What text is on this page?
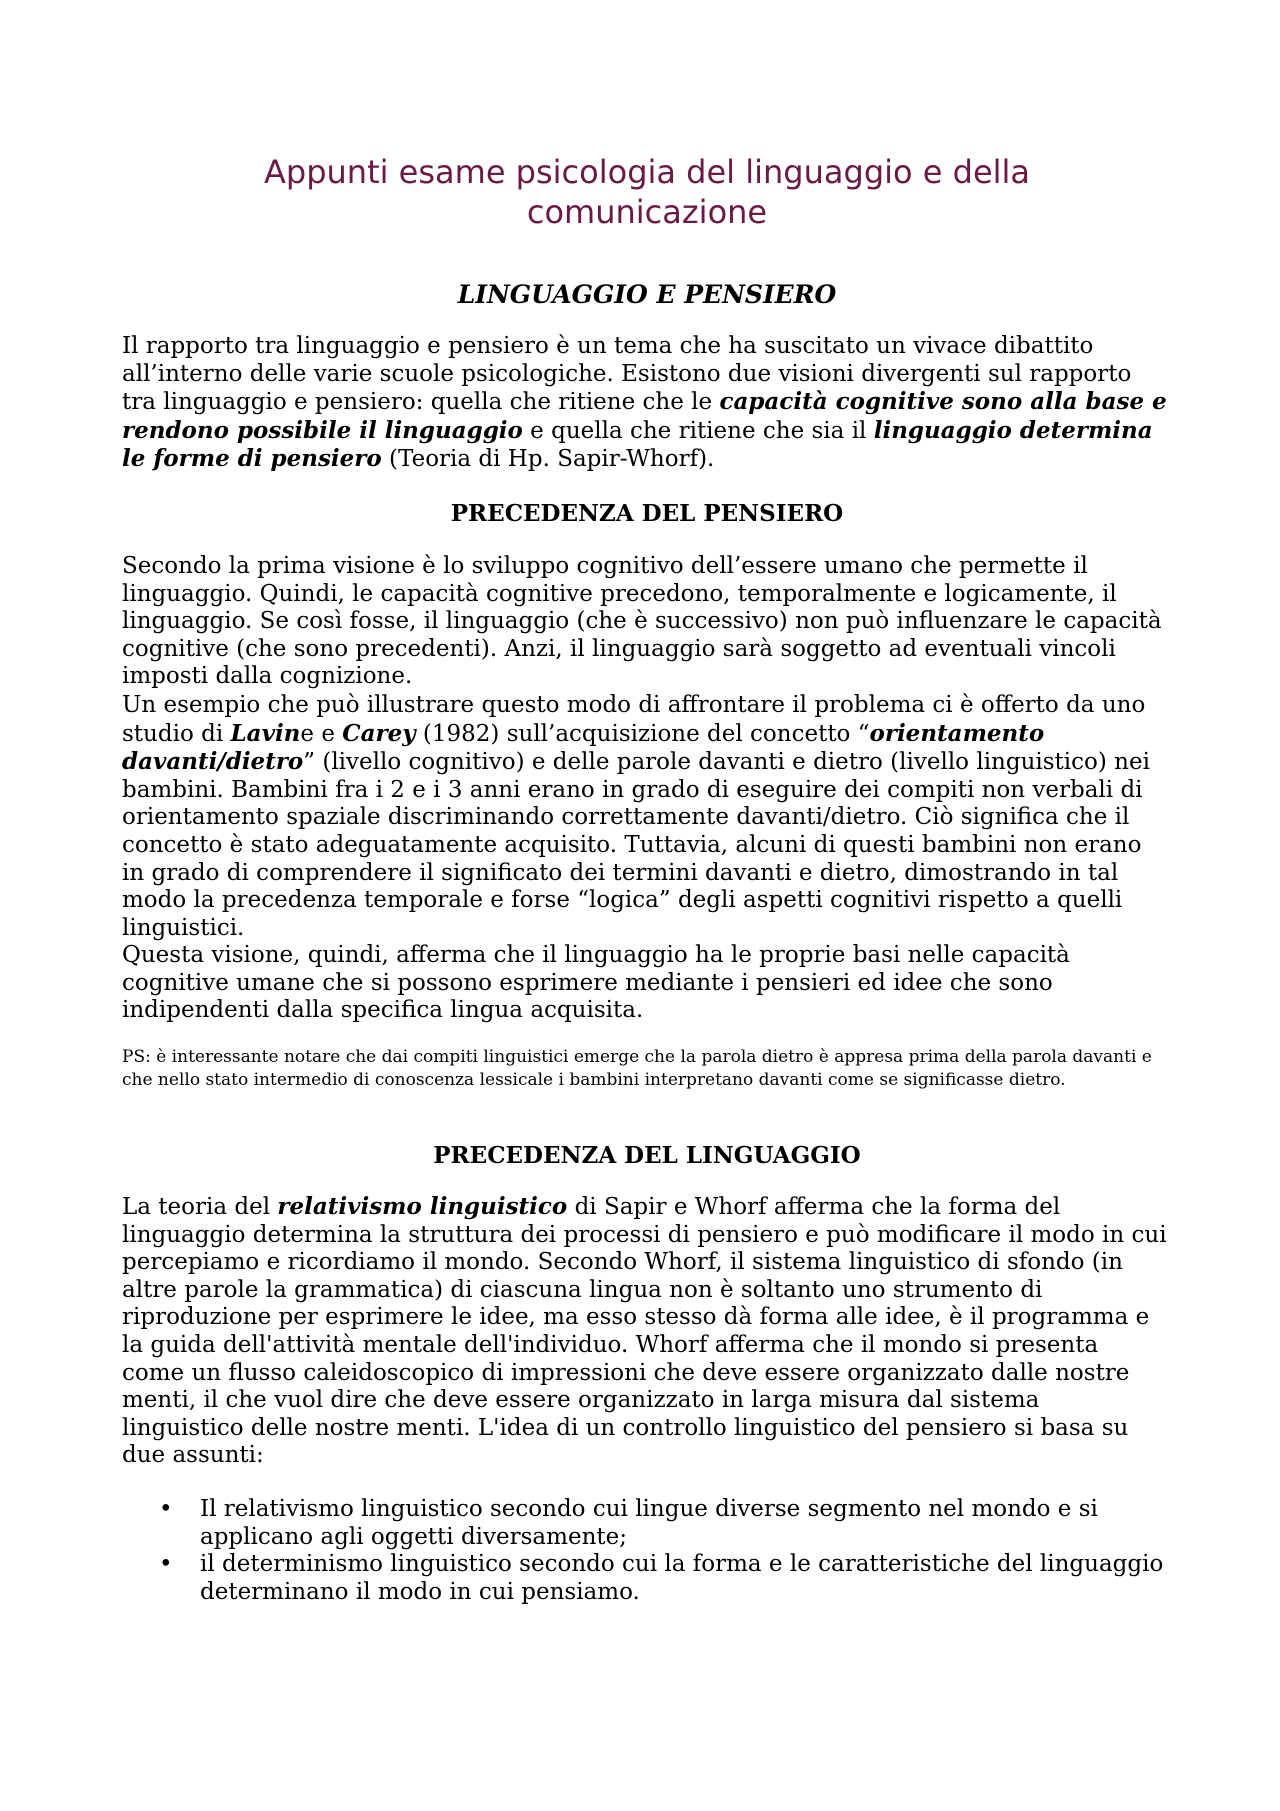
Appunti esame psicologia del linguaggio e della
comunicazione
LINGUAGGIO E PENSIERO

Il rapporto tra linguaggio e pensiero è un tema che ha suscitato un vivace dibattito all’interno delle varie scuole psicologiche. Esistono due visioni divergenti sul rapporto tra linguaggio e pensiero: quella che ritiene che le capacità cognitive sono alla base e rendono possibile il linguaggio e quella che ritiene che sia il linguaggio determina le forme di pensiero (Teoria di Hp. Sapir-Whorf).

PRECEDENZA DEL PENSIERO

Secondo la prima visione è lo sviluppo cognitivo dell’essere umano che permette il linguaggio. Quindi, le capacità cognitive precedono, temporalmente e logicamente, il linguaggio. Se così fosse, il linguaggio (che è successivo) non può influenzare le capacità cognitive (che sono precedenti). Anzi, il linguaggio sarà soggetto ad eventuali vincoli imposti dalla cognizione.

Un esempio che può illustrare questo modo di affrontare il problema ci è offerto da uno studio di Lavine e Carey (1982) sull’acquisizione del concetto “orientamento davanti/dietro” (livello cognitivo) e delle parole davanti e dietro (livello linguistico) nei bambini. Bambini fra i 2 e i 3 anni erano in grado di eseguire dei compiti non verbali di orientamento spaziale discriminando correttamente davanti/dietro. Ciò significa che il concetto è stato adeguatamente acquisito. Tuttavia, alcuni di questi bambini non erano in grado di comprendere il significato dei termini davanti e dietro, dimostrando in tal modo la precedenza temporale e forse “logica” degli aspetti cognitivi rispetto a quelli linguistici.

Questa visione, quindi, afferma che il linguaggio ha le proprie basi nelle capacità cognitive umane che si possono esprimere mediante i pensieri ed idee che sono indipendenti dalla specifica lingua acquisita.

PS: è interessante notare che dai compiti linguistici emerge che la parola dietro è appresa prima della parola davanti e che nello stato intermedio di conoscenza lessicale i bambini interpretano davanti come se significasse dietro.

PRECEDENZA DEL LINGUAGGIO

La teoria del relativismo linguistico di Sapir e Whorf afferma che la forma del linguaggio determina la struttura dei processi di pensiero e può modificare il modo in cui percepiamo e ricordiamo il mondo. Secondo Whorf, il sistema linguistico di sfondo (in altre parole la grammatica) di ciascuna lingua non è soltanto uno strumento di riproduzione per esprimere le idee, ma esso stesso dà forma alle idee, è il programma e la guida dell'attività mentale dell'individuo. Whorf afferma che il mondo si presenta come un flusso caleidoscopico di impressioni che deve essere organizzato dalle nostre menti, il che vuol dire che deve essere organizzato in larga misura dal sistema linguistico delle nostre menti. L'idea di un controllo linguistico del pensiero si basa su due assunti:

• Il relativismo linguistico secondo cui lingue diverse segmento nel mondo e si applicano agli oggetti diversamente;
• il determinismo linguistico secondo cui la forma e le caratteristiche del linguaggio determinano il modo in cui pensiamo.
